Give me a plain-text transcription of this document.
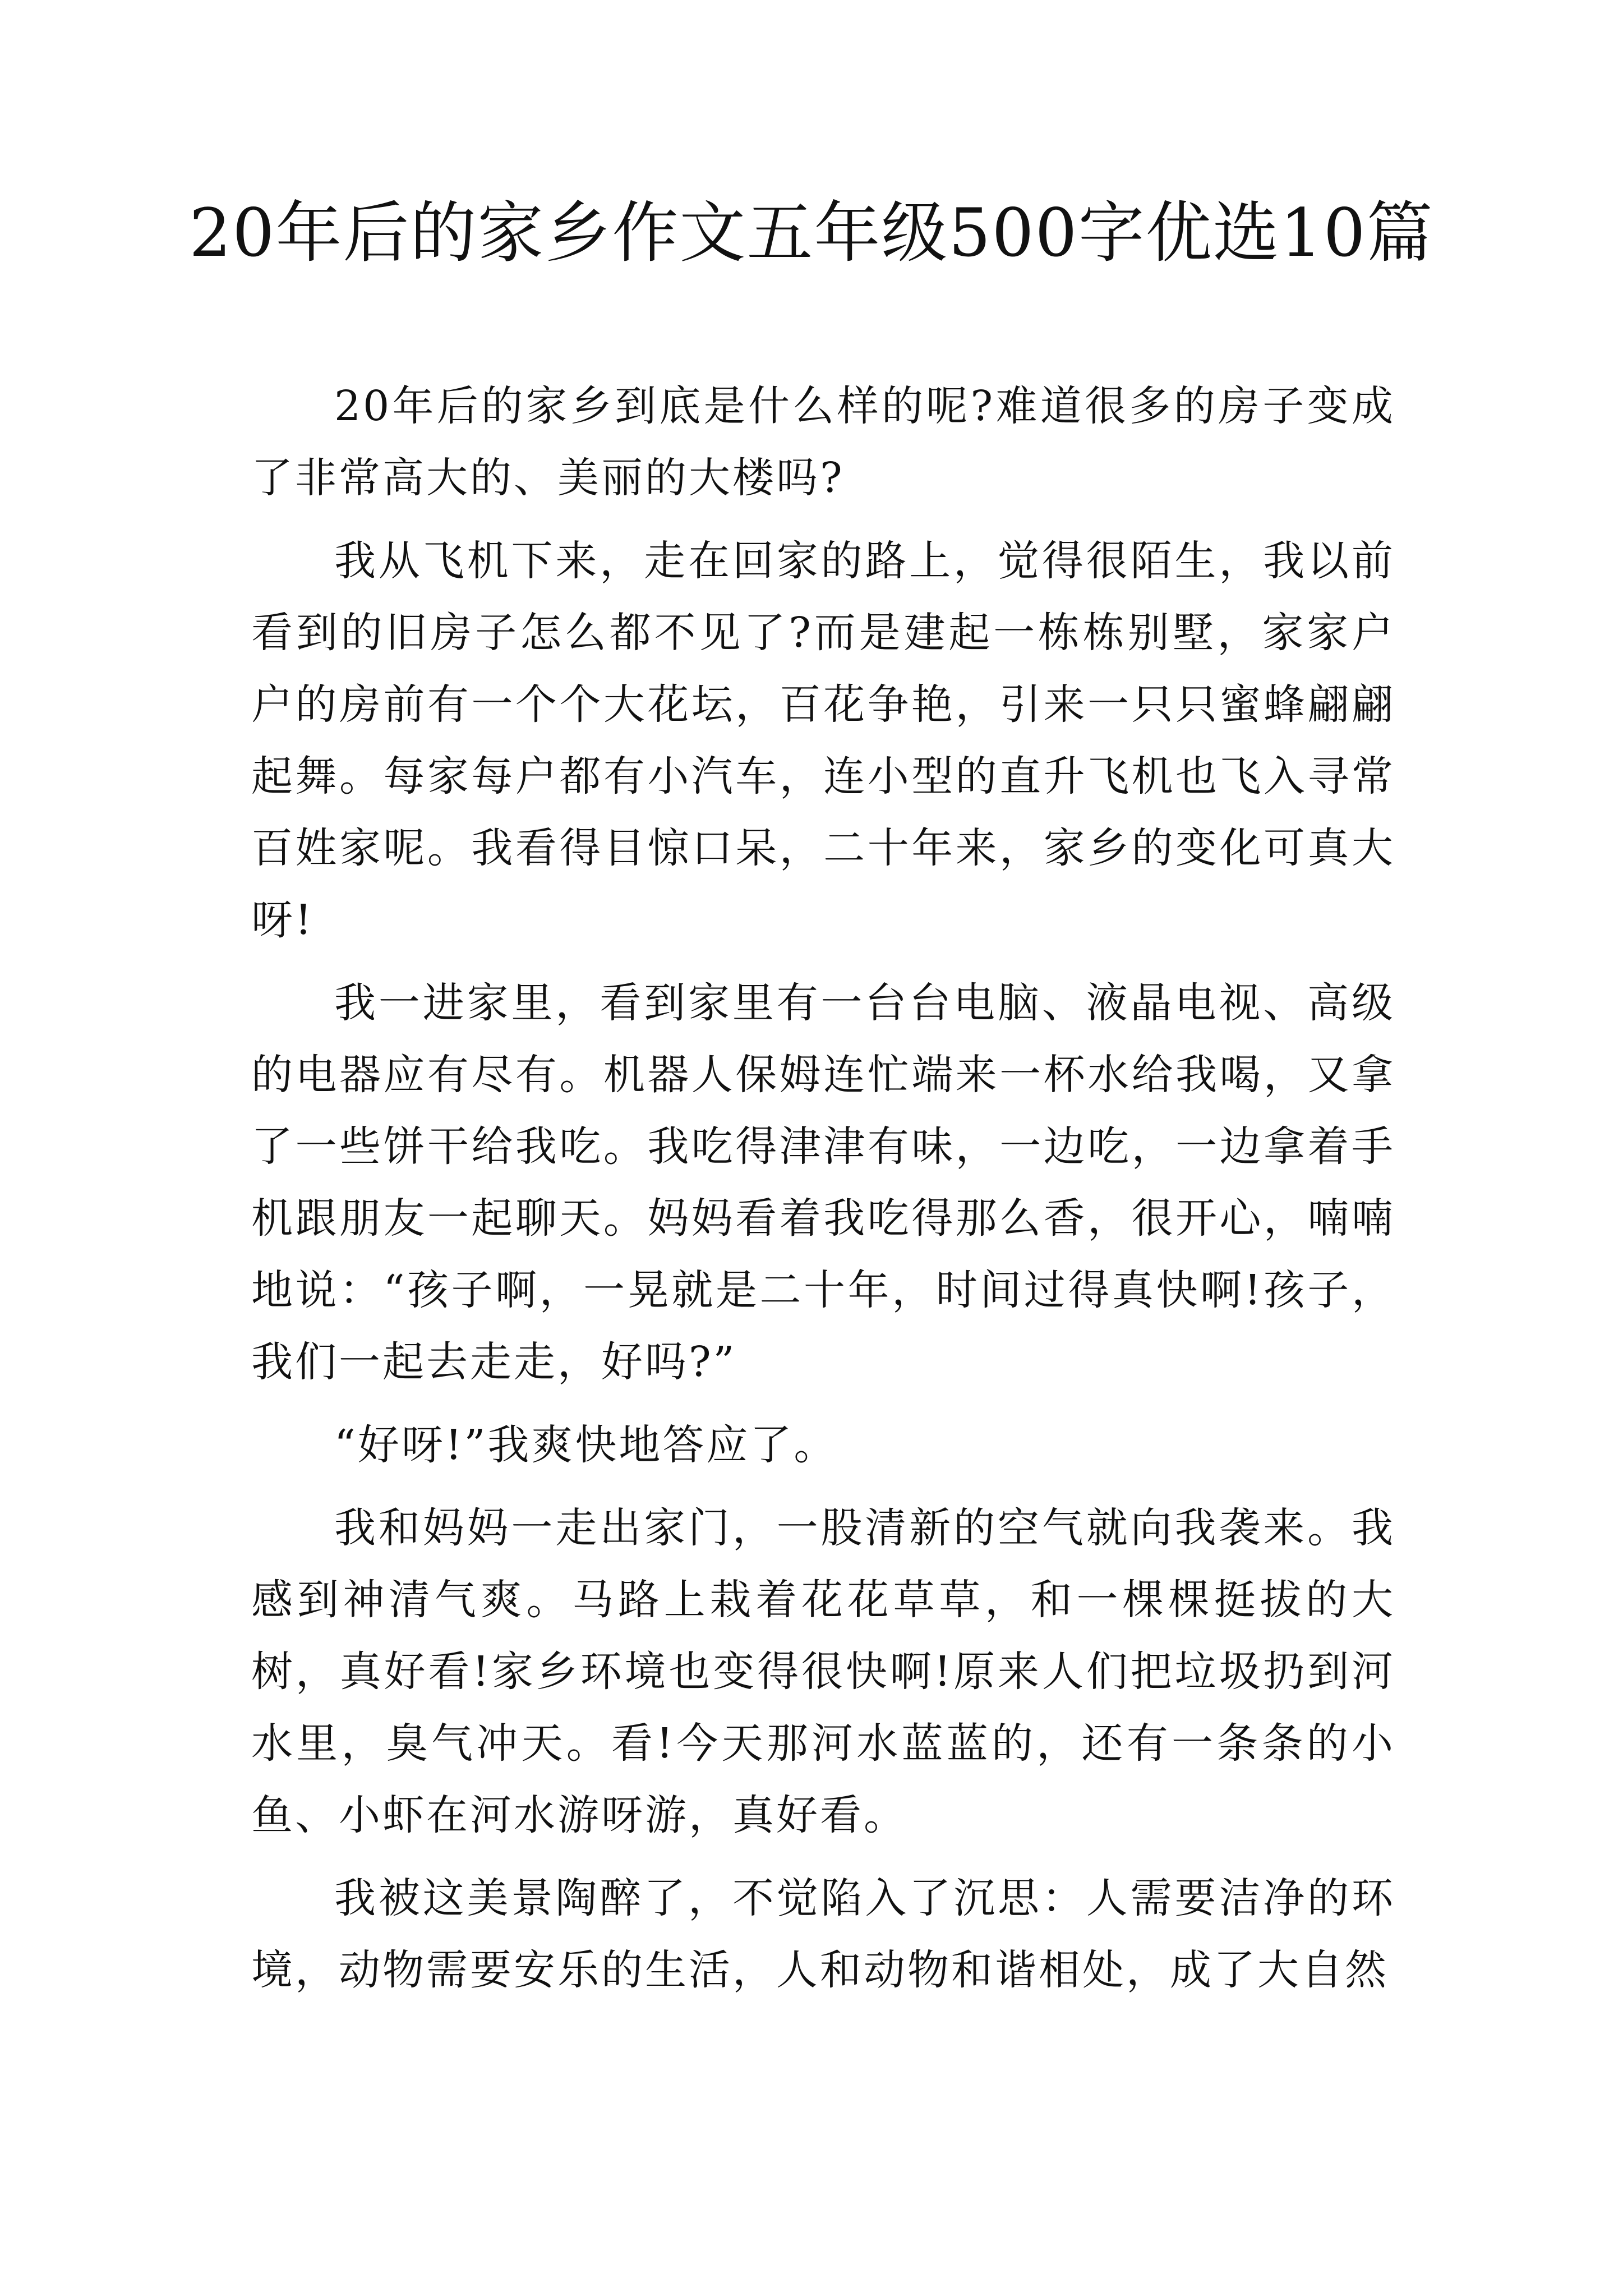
20年后的家乡作文五年级500字优选10篇

20年后的家乡到底是什么样的呢?难道很多的房子变成了非常高大的、美丽的大楼吗?

我从飞机下来，走在回家的路上，觉得很陌生，我以前看到的旧房子怎么都不见了?而是建起一栋栋别墅，家家户户的房前有一个个大花坛，百花争艳，引来一只只蜜蜂翩翩起舞。每家每户都有小汽车，连小型的直升飞机也飞入寻常百姓家呢。我看得目惊口呆，二十年来，家乡的变化可真大呀!

我一进家里，看到家里有一台台电脑、液晶电视、高级的电器应有尽有。机器人保姆连忙端来一杯水给我喝，又拿了一些饼干给我吃。我吃得津津有味，一边吃，一边拿着手机跟朋友一起聊天。妈妈看着我吃得那么香，很开心，喃喃地说：“孩子啊，一晃就是二十年，时间过得真快啊!孩子，我们一起去走走，好吗?”

“好呀!”我爽快地答应了。

我和妈妈一走出家门，一股清新的空气就向我袭来。我感到神清气爽。马路上栽着花花草草，和一棵棵挺拔的大树，真好看!家乡环境也变得很快啊!原来人们把垃圾扔到河水里，臭气冲天。看!今天那河水蓝蓝的，还有一条条的小鱼、小虾在河水游呀游，真好看。

我被这美景陶醉了，不觉陷入了沉思：人需要洁净的环境，动物需要安乐的生活，人和动物和谐相处，成了大自然
